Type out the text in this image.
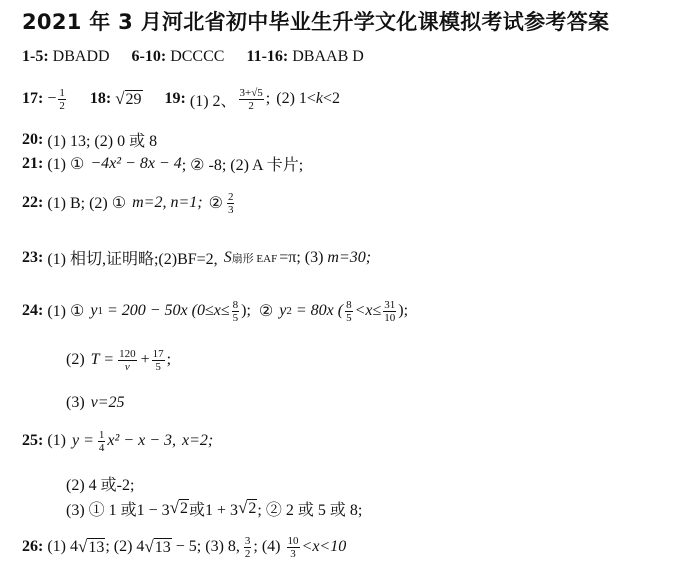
2021 年 3 月河北省初中毕业生升学文化课模拟考试参考答案
1-5: DBADD 6-10: DCCCC 11-16: DBAAB D
17: − $\frac{1}{2} 18$: √ 29 19: (1) 2、 $\frac{3+√5}{2}$ ; (2) 1< k <2
20: (1) 13; (2) 0 或 8
21: (1) ① −4x² − 8x − 4 ; ② -8; (2) A 卡片;
22: (1) B; (2) ① m=2, n=1; ② $\frac{2}{3}$
23: (1) 相切,证明略;(2)BF=2, S 扇形 EAF =π; (3) m=30;
24: (1) ① y 1 = 200 − 50x ($0\le x\le \frac{8}{5}$ ); ② y 2 = 80x ( $\frac{8}{5} <x\le \frac{31}{10}$ );
(2) $T = \frac{120}{v} + \frac{17}{5}$ ;
(3) v=25
25: (1) $y = \frac{1}{4} x^2 - x - 3$, x=2;
(2) 4 或-2;
(3) ① 1 或1 − 3 √ 2 或1 + 3 √ 2 ; ② 2 或 5 或 8;
26: (1) 4 √ 13 ; (2) 4 √ 13 − 5; (3) 8, $\frac{3}{2}$ ; $(4) \frac{10}{3} <x<10$
